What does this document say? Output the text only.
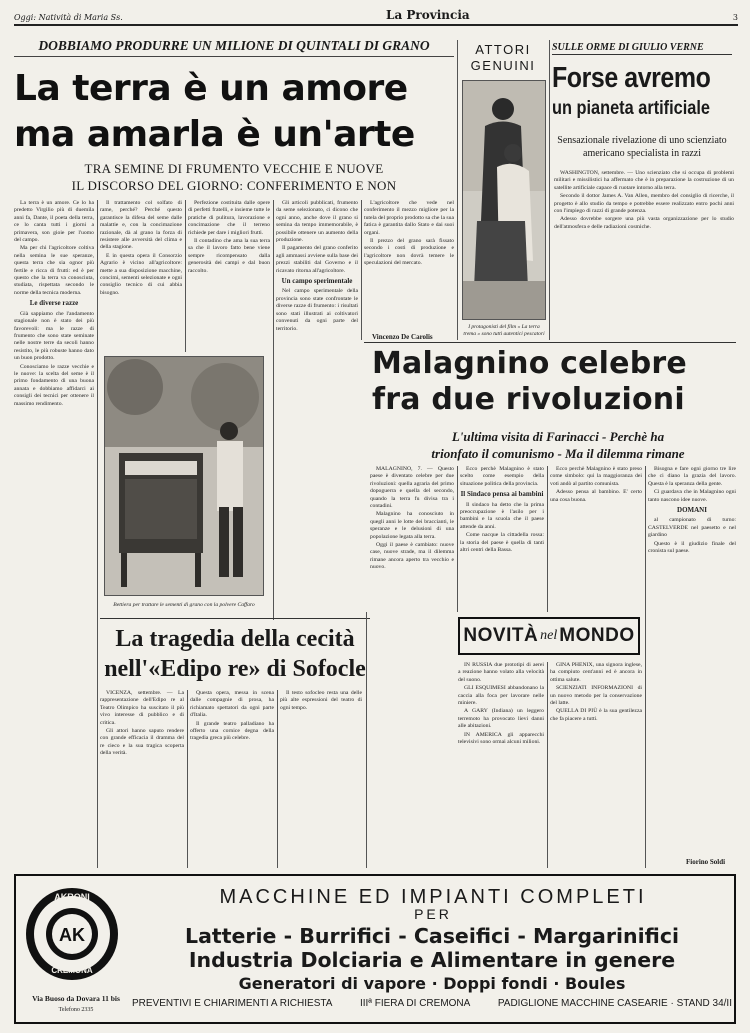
Oggi: Natività di Maria Ss.	La Provincia	3
DOBBIAMO PRODURRE UN MILIONE DI QUINTALI DI GRANO
La terra è un amore
ma amarla è un'arte
TRA SEMINE DI FRUMENTO VECCHIE E NUOVE
IL DISCORSO DEL GIORNO: CONFERIMENTO E NON

La terra è un amore. Ce lo ha predetto Virgilio più di duemila anni fa, Dante, il poeta della terra, ce lo canta tutti i giorni a primavera, son gioie per l'uomo del campo.

Ma per chi l'agricoltore coltiva nella semina le sue speranze, questa terra che sia ognor più fertile e ricca di frutti: ed è per questo che la terra va conosciuta, studiata, rispettata secondo le norme della tecnica moderna.

Le diverse razze

Già sappiamo che l'andamento stagionale non è stato dei più favorevoli: ma le razze di frumento che sono state seminate nelle nostre terre da secoli hanno resistito, le più robuste hanno dato un buon prodotto.

Conosciamo le razze vecchie e le nuove: la scelta del seme è il primo fondamento di una buona annata e dobbiamo affidarci ai consigli dei tecnici per ottenere il massimo rendimento.

Il trattamento col solfato di rame, perché? Perché questo garantisce la difesa del seme dalle malattie e, con la concimazione razionale, dà al grano la forza di resistere alle avversità del clima e della stagione.

E in questa opera il Consorzio Agrario è vicino all'agricoltore: mette a sua disposizione macchine, concimi, sementi selezionate e ogni consiglio tecnico di cui abbia bisogno.

Perfezione costituita dalle opere di perfetti fratelli, e insieme tutte le pratiche di pulitura, lavorazione e concimazione che il terreno richiede per dare i migliori frutti.

Il contadino che ama la sua terra sa che il lavoro fatto bene viene sempre ricompensato dalla generosità dei campi e dal buon raccolto.

Gli articoli pubblicati, frumento da seme selezionato, ci dicono che ogni anno, anche dove il grano si semina da tempo immemorabile, è possibile ottenere un aumento della produzione.

Il pagamento del grano conferito agli ammassi avviene sulla base dei prezzi stabiliti dal Governo e il ricavato ritorna all'agricoltore.

Un campo sperimentale

Nel campo sperimentale della provincia sono state confrontate le diverse razze di frumento: i risultati sono stati illustrati ai coltivatori convenuti da ogni parte del territorio.

L'agricoltore che vede nel conferimento il mezzo migliore per la tutela del proprio prodotto sa che la sua fatica è garantita dallo Stato e dai suoi organi.

Il prezzo del grano sarà fissato secondo i costi di produzione e l'agricoltore non dovrà temere le speculazioni del mercato.

Vincenzo De Carolis
ATTORI
GENUINI
I protagonisti del film « La terra trema » sono tutti autentici pescatori
SULLE ORME DI GIULIO VERNE
Forse avremo
un pianeta artificiale
Sensazionale rivelazione di uno scienziato americano specialista in razzi

WASHINGTON, settembre. — Uno scienziato che si occupa di problemi militari e missilistici ha affermato che è in preparazione la costruzione di un satellite artificiale capace di ruotare intorno alla terra.

Secondo il dottor James A. Van Allen, membro del consiglio di ricerche, il progetto è allo studio da tempo e potrebbe essere realizzato entro pochi anni con l'impiego di razzi di grande potenza.

Adesso dovrebbe sorgere una più vasta organizzazione per lo studio dell'atmosfera e delle radiazioni cosmiche.

Bettiera per trattare le sementi di grano con la polvere Caffaro
Malagnino celebre
fra due rivoluzioni
L'ultima visita di Farinacci - Perchè ha
trionfato il comunismo - Ma il dilemma rimane

MALAGNINO, 7. — Questo paese è diventato celebre per due rivoluzioni: quella agraria del primo dopoguerra e quella del secondo, quando la terra fu divisa tra i contadini.

Malagnino ha conosciuto in quegli anni le lotte dei braccianti, le speranze e le delusioni di una popolazione legata alla terra.

Oggi il paese è cambiato: nuove case, nuove strade, ma il dilemma rimane ancora aperto tra vecchio e nuovo.

Ecco perchè Malagnino è stato scelto come esempio della situazione politica della provincia.

Il Sindaco pensa ai bambini

Il sindaco ha detto che la prima preoccupazione è l'asilo per i bambini e la scuola che il paese attende da anni.

Come nacque la cittadella rossa: la storia del paese è quella di tanti altri centri della Bassa.

Ecco perchè Malagnino è stato preso come simbolo: qui la maggioranza dei voti andò al partito comunista.

Adesso pensa al bambino. E' certo una cosa buona.

Bisogna e fare ogni giorno tre lire che ci diano la grazia del lavoro. Questa è la speranza della gente.

Ci guardava che in Malagnino ogni tanto nascono idee nuove.

DOMANI

al campionato di turno: CASTELVERDE nel paesetto e nel giardino

Questo è il giudizio finale del cronista sul paese.

Fiorino Soldi
La tragedia della cecità
nell'«Edipo re» di Sofocle

VICENZA, settembre. — La rappresentazione dell'Edipo re al Teatro Olimpico ha suscitato il più vivo interesse di pubblico e di critica.

Gli attori hanno saputo rendere con grande efficacia il dramma del re cieco e la sua tragica scoperta della verità.

Questa opera, messa in scena dalle compagnie di prosa, ha richiamato spettatori da ogni parte d'Italia.

Il grande teatro palladiano ha offerto una cornice degna della tragedia greca più celebre.

Il testo sofocleo resta una delle più alte espressioni del teatro di ogni tempo.

NOVITÀ nel MONDO

IN RUSSIA due prototipi di aerei a reazione hanno volato alla velocità del suono.

GLI ESQUIMESI abbandonano la caccia alla foca per lavorare nelle miniere.

A GARY (Indiana) un leggero terremoto ha provocato lievi danni alle abitazioni.

IN AMERICA gli apparecchi televisivi sono ormai alcuni milioni.

GINA PHENIX, una signora inglese, ha compiuto cent'anni ed è ancora in ottima salute.

SCIENZIATI INFORMAZIONI di un nuovo metodo per la conservazione del latte.

QUELLA DI PIÙ è la sua gentilezza che fa piacere a tutti.

AKRONI
AK
CREMONA
Via Buoso da Dovara 11 bis
Telefono 2335
MACCHINE ED IMPIANTI COMPLETI
PER
Latterie - Burrifici - Caseifici - Margarinifici
Industria Dolciaria e Alimentare in genere
Generatori di vapore · Doppi fondi · Boules
PREVENTIVI E CHIARIMENTI A RICHIESTA	IIIª FIERA DI CREMONA	PADIGLIONE MACCHINE CASEARIE · STAND 34/II
